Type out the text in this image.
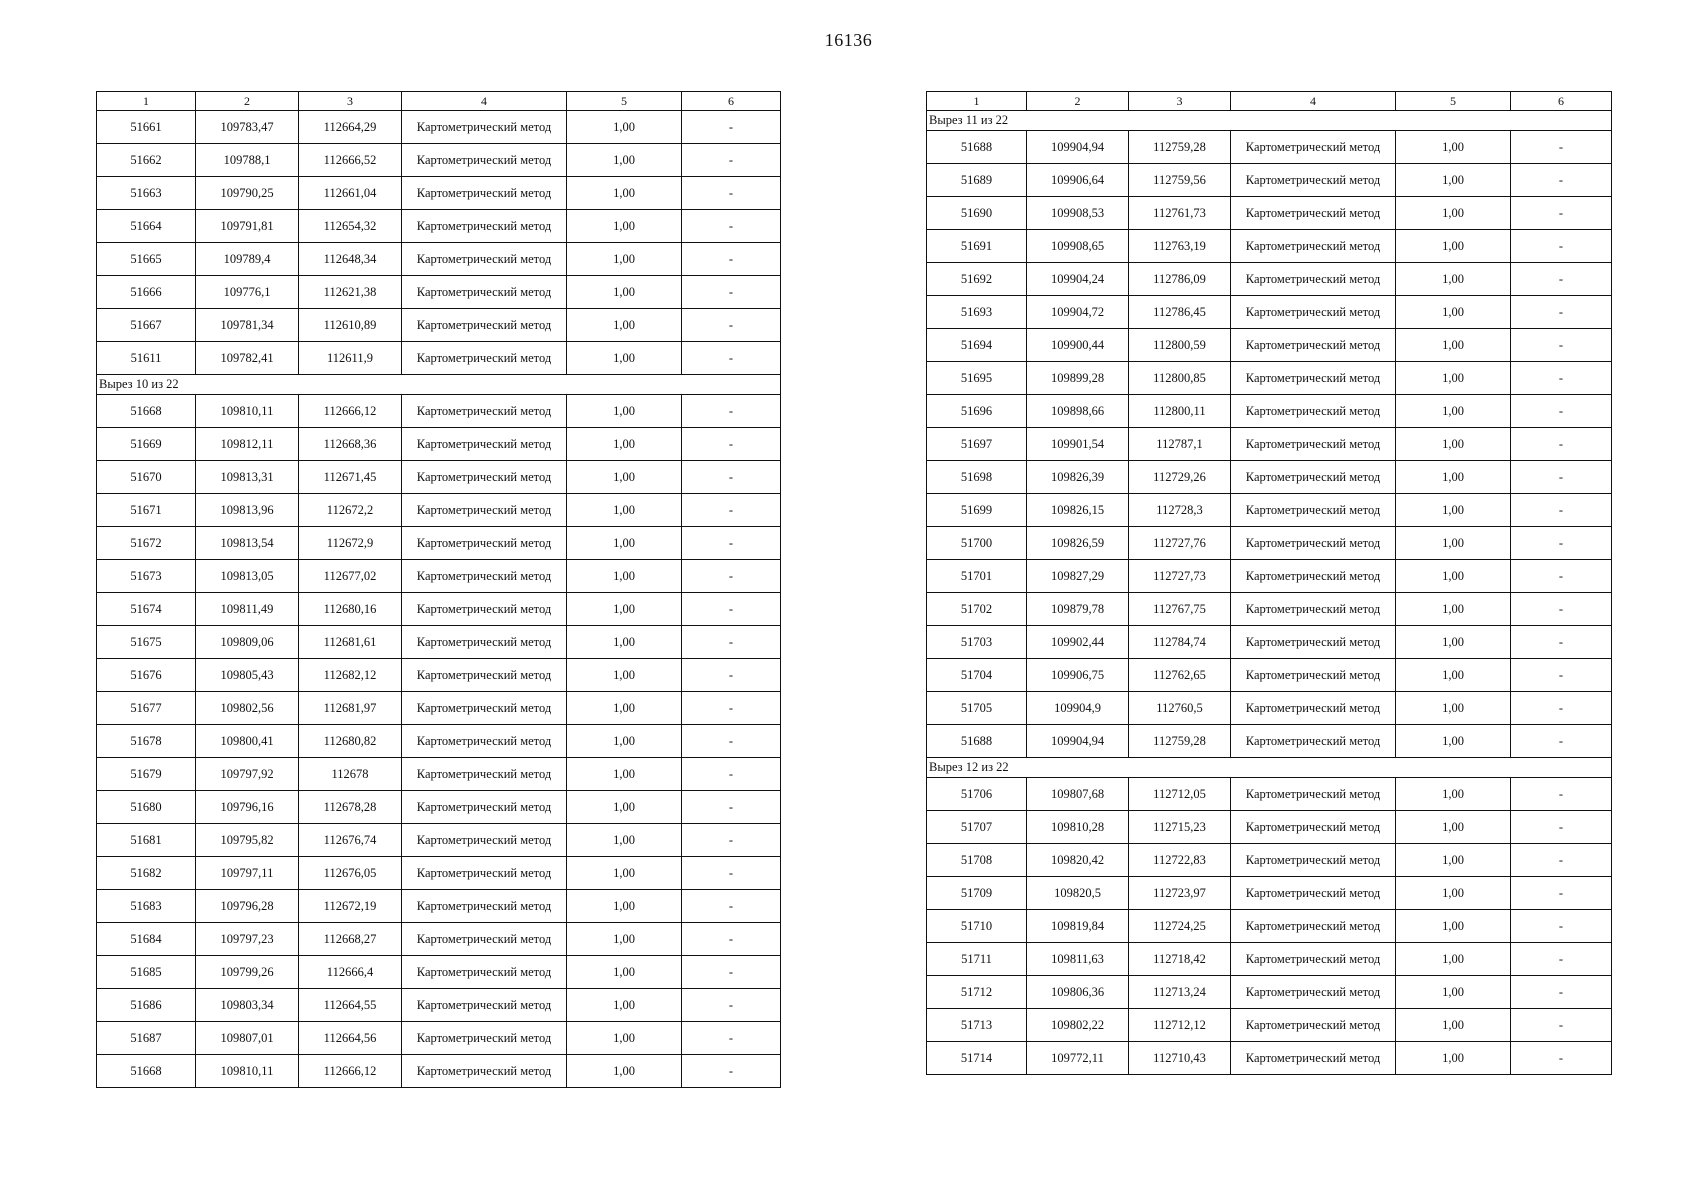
16136
1	2	3	4	5	6
51661	109783,47	112664,29	Картометрический метод	1,00	-
51662	109788,1	112666,52	Картометрический метод	1,00	-
51663	109790,25	112661,04	Картометрический метод	1,00	-
51664	109791,81	112654,32	Картометрический метод	1,00	-
51665	109789,4	112648,34	Картометрический метод	1,00	-
51666	109776,1	112621,38	Картометрический метод	1,00	-
51667	109781,34	112610,89	Картометрический метод	1,00	-
51611	109782,41	112611,9	Картометрический метод	1,00	-
Вырез 10 из 22					
51668	109810,11	112666,12	Картометрический метод	1,00	-
51669	109812,11	112668,36	Картометрический метод	1,00	-
51670	109813,31	112671,45	Картометрический метод	1,00	-
51671	109813,96	112672,2	Картометрический метод	1,00	-
51672	109813,54	112672,9	Картометрический метод	1,00	-
51673	109813,05	112677,02	Картометрический метод	1,00	-
51674	109811,49	112680,16	Картометрический метод	1,00	-
51675	109809,06	112681,61	Картометрический метод	1,00	-
51676	109805,43	112682,12	Картометрический метод	1,00	-
51677	109802,56	112681,97	Картометрический метод	1,00	-
51678	109800,41	112680,82	Картометрический метод	1,00	-
51679	109797,92	112678	Картометрический метод	1,00	-
51680	109796,16	112678,28	Картометрический метод	1,00	-
51681	109795,82	112676,74	Картометрический метод	1,00	-
51682	109797,11	112676,05	Картометрический метод	1,00	-
51683	109796,28	112672,19	Картометрический метод	1,00	-
51684	109797,23	112668,27	Картометрический метод	1,00	-
51685	109799,26	112666,4	Картометрический метод	1,00	-
51686	109803,34	112664,55	Картометрический метод	1,00	-
51687	109807,01	112664,56	Картометрический метод	1,00	-
51668	109810,11	112666,12	Картометрический метод	1,00	-
1	2	3	4	5	6
Вырез 11 из 22					
51688	109904,94	112759,28	Картометрический метод	1,00	-
51689	109906,64	112759,56	Картометрический метод	1,00	-
51690	109908,53	112761,73	Картометрический метод	1,00	-
51691	109908,65	112763,19	Картометрический метод	1,00	-
51692	109904,24	112786,09	Картометрический метод	1,00	-
51693	109904,72	112786,45	Картометрический метод	1,00	-
51694	109900,44	112800,59	Картометрический метод	1,00	-
51695	109899,28	112800,85	Картометрический метод	1,00	-
51696	109898,66	112800,11	Картометрический метод	1,00	-
51697	109901,54	112787,1	Картометрический метод	1,00	-
51698	109826,39	112729,26	Картометрический метод	1,00	-
51699	109826,15	112728,3	Картометрический метод	1,00	-
51700	109826,59	112727,76	Картометрический метод	1,00	-
51701	109827,29	112727,73	Картометрический метод	1,00	-
51702	109879,78	112767,75	Картометрический метод	1,00	-
51703	109902,44	112784,74	Картометрический метод	1,00	-
51704	109906,75	112762,65	Картометрический метод	1,00	-
51705	109904,9	112760,5	Картометрический метод	1,00	-
51688	109904,94	112759,28	Картометрический метод	1,00	-
Вырез 12 из 22					
51706	109807,68	112712,05	Картометрический метод	1,00	-
51707	109810,28	112715,23	Картометрический метод	1,00	-
51708	109820,42	112722,83	Картометрический метод	1,00	-
51709	109820,5	112723,97	Картометрический метод	1,00	-
51710	109819,84	112724,25	Картометрический метод	1,00	-
51711	109811,63	112718,42	Картометрический метод	1,00	-
51712	109806,36	112713,24	Картометрический метод	1,00	-
51713	109802,22	112712,12	Картометрический метод	1,00	-
51714	109772,11	112710,43	Картометрический метод	1,00	-
